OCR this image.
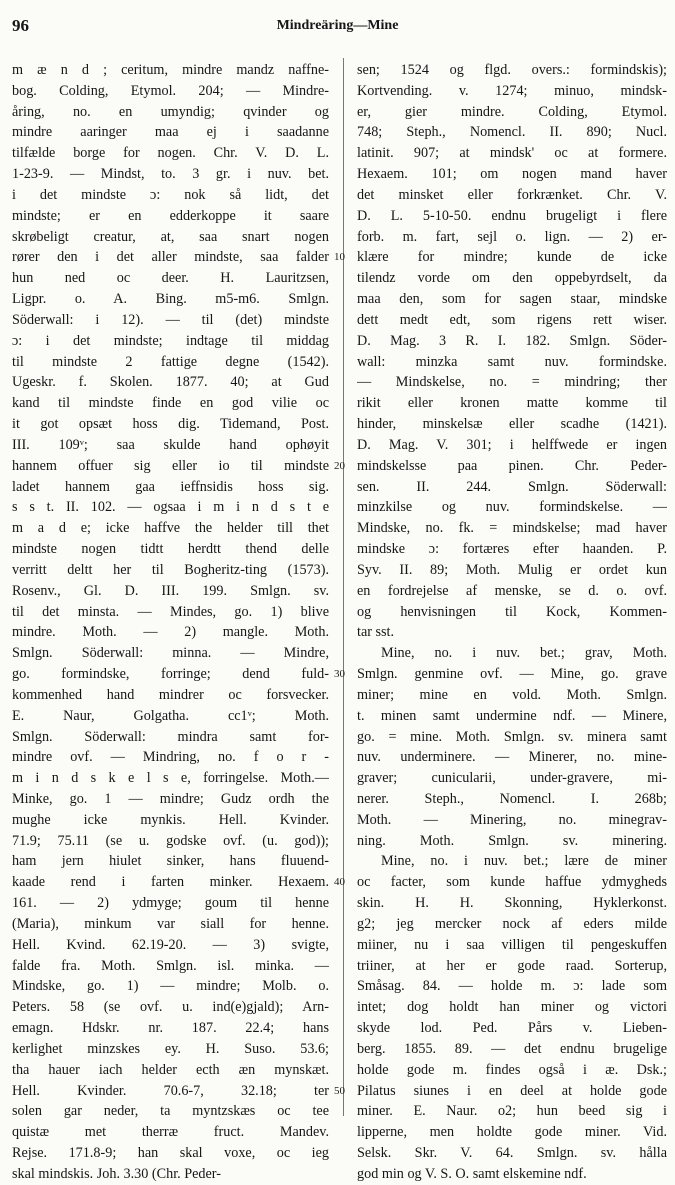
96	Mindreäring—Mine
m æ n d ; ceritum, mindre mandz naffne-
bog. Colding, Etymol. 204; — Mindre-
åring, no. en umyndig; qvinder og
mindre aaringer maa ej i saadanne
tilfælde borge for nogen. Chr. V. D. L.
1-23-9. — Mindst, to. 3 gr. i nuv. bet.
i det mindste ɔ: nok så lidt, det
mindste; er en edderkoppe it saare
skrøbeligt creatur, at, saa snart nogen
rører den i det aller mindste, saa falder
hun ned oc deer. H. Lauritzsen,
Ligpr. o. A. Bing. m5-m6. Smlgn.
Söderwall: i 12). — til (det) mindste
ɔ: i det mindste; indtage til middag
til mindste 2 fattige degne (1542).
Ugeskr. f. Skolen. 1877. 40; at Gud
kand til mindste finde en god vilie oc
it got opsæt hoss dig. Tidemand, Post.
III. 109ᵛ; saa skulde hand ophøyit
hannem offuer sig eller io til mindste
ladet hannem gaa ieffnsidis hoss sig.
s s t. II. 102. — ogsaa i m i n d s t e
m a d e; icke haffve the helder till thet
mindste nogen tidtt herdtt thend delle
verritt deltt her til Bogheritz-ting (1573).
Rosenv., Gl. D. III. 199. Smlgn. sv.
til det minsta. — Mindes, go. 1) blive
mindre. Moth. — 2) mangle. Moth.
Smlgn. Söderwall: minna. — Mindre,
go. formindske, forringe; dend fuld-
kommenhed hand mindrer oc forsvecker.
E. Naur, Golgatha. cc1ᵛ; Moth.
Smlgn. Söderwall: mindra samt for-
mindre ovf. — Mindring, no. f o r -
m i n d s k e l s e, forringelse. Moth.—
Minke, go. 1 — mindre; Gudz ordh the
mughe icke mynkis. Hell. Kvinder.
71.9; 75.11 (se u. godske ovf. (u. god));
ham jern hiulet sinker, hans fluuend-
kaade rend i farten minker. Hexaem.
161. — 2) ydmyge; goum til henne
(Maria), minkum var siall for henne.
Hell. Kvind. 62.19-20. — 3) svigte,
falde fra. Moth. Smlgn. isl. minka. —
Mindske, go. 1) — mindre; Molb. o.
Peters. 58 (se ovf. u. ind(e)gjald); Arn-
emagn. Hdskr. nr. 187. 22.4; hans
kerlighet minzskes ey. H. Suso. 53.6;
tha hauer iach helder ecth æn mynskæt.
Hell. Kvinder. 70.6-7, 32.18; ter
solen gar neder, ta myntzskæs oc tee
quistæ met therræ fruct. Mandev.
Rejse. 171.8-9; han skal voxe, oc ieg
skal mindskis. Joh. 3.30 (Chr. Peder-
10
20
30
40
50
sen; 1524 og flgd. overs.: formindskis);
Kortvending. v. 1274; minuo, mindsk-
er, gier mindre. Colding, Etymol.
748; Steph., Nomencl. II. 890; Nucl.
latinit. 907; at mindsk' oc at formere.
Hexaem. 101; om nogen mand haver
det minsket eller forkrænket. Chr. V.
D. L. 5-10-50. endnu brugeligt i flere
forb. m. fart, sejl o. lign. — 2) er-
klære for mindre; kunde de icke
tilendz vorde om den oppebyrdselt, da
maa den, som for sagen staar, mindske
dett medt edt, som rigens rett wiser.
D. Mag. 3 R. I. 182. Smlgn. Söder-
wall: minzka samt nuv. formindske.
— Mindskelse, no. = mindring; ther
rikit eller kronen matte komme til
hinder, minskelsæ eller scadhe (1421).
D. Mag. V. 301; i helffwede er ingen
mindskelsse paa pinen. Chr. Peder-
sen. II. 244. Smlgn. Söderwall:
minzkilse og nuv. formindskelse. —
Mindske, no. fk. = mindskelse; mad haver
mindske ɔ: fortæres efter haanden. P.
Syv. II. 89; Moth. Mulig er ordet kun
en fordrejelse af menske, se d. o. ovf.
og henvisningen til Kock, Kommen-
tar sst.
Mine, no. i nuv. bet.; grav, Moth.
Smlgn. genmine ovf. — Mine, go. grave
miner; mine en vold. Moth. Smlgn.
t. minen samt undermine ndf. — Minere,
go. = mine. Moth. Smlgn. sv. minera samt
nuv. underminere. — Minerer, no. mine-
graver; cunicularii, under-gravere, mi-
nerer. Steph., Nomencl. I. 268b;
Moth. — Minering, no. minegrav-
ning. Moth. Smlgn. sv. minering.
Mine, no. i nuv. bet.; lære de miner
oc facter, som kunde haffue ydmygheds
skin. H. H. Skonning, Hyklerkonst.
g2; jeg mercker nock af eders milde
miiner, nu i saa villigen til pengeskuffen
triiner, at her er gode raad. Sorterup,
Småsag. 84. — holde m. ɔ: lade som
intet; dog holdt han miner og victori
skyde lod. Ped. Pårs v. Lieben-
berg. 1855. 89. — det endnu brugelige
holde gode m. findes også i æ. Dsk.;
Pilatus siunes i en deel at holde gode
miner. E. Naur. o2; hun beed sig i
lipperne, men holdte gode miner. Vid.
Selsk. Skr. V. 64. Smlgn. sv. hålla
god min og V. S. O. samt elskemine ndf.
